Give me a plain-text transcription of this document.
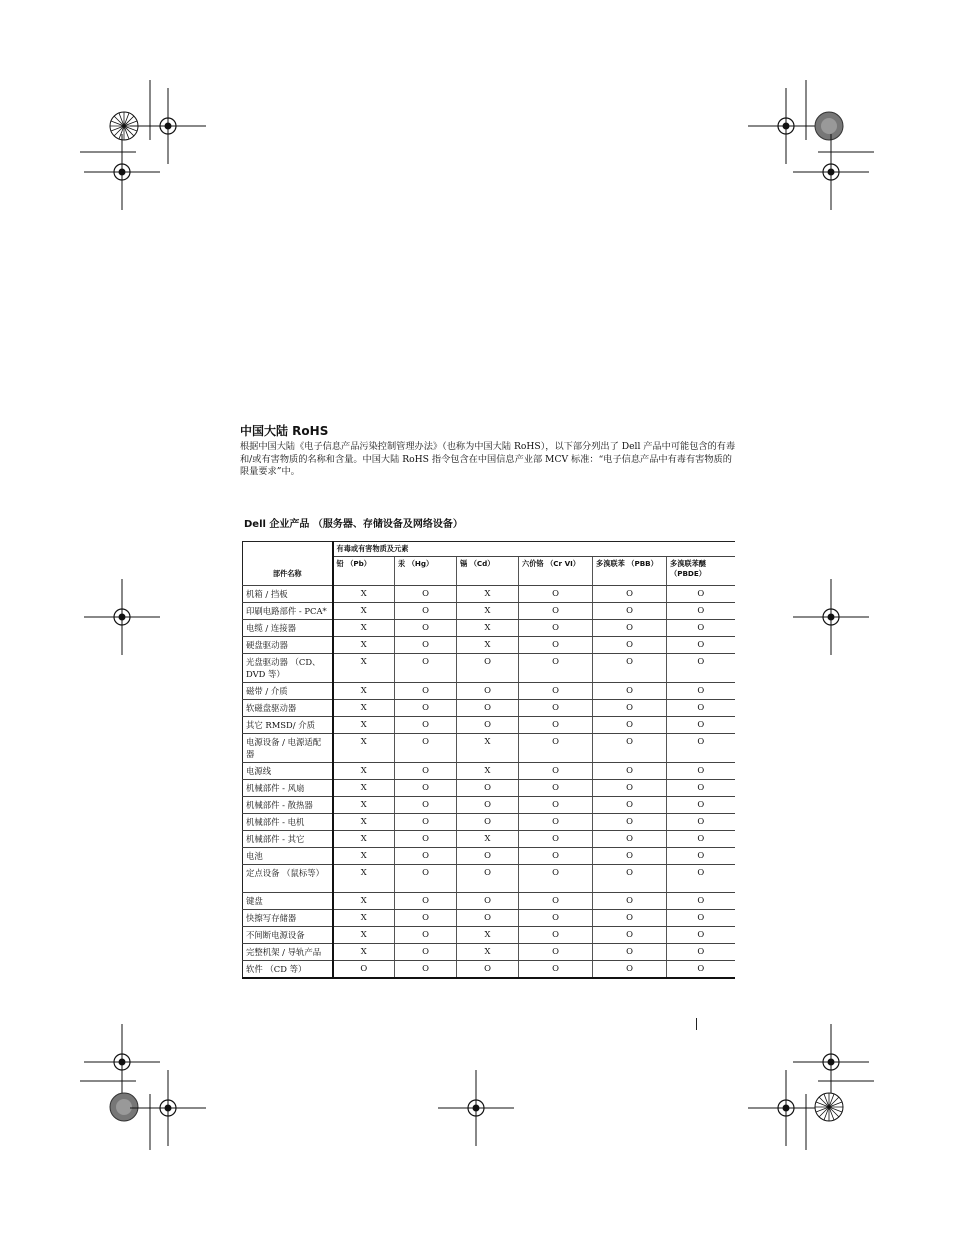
中国大陆 RoHS
根据中国大陆《电子信息产品污染控制管理办法》（也称为中国大陆 RoHS），以下部分列出了 Dell 产品中可能包含的有毒和/或有害物质的名称和含量。中国大陆 RoHS 指令包含在中国信息产业部 MCV 标准：“电子信息产品中有毒有害物质的限量要求”中。
Dell 企业产品 （服务器、存储设备及网络设备）
部件名称	有毒或有害物质及元素					
	铅 （Pb）	汞 （Hg）	镉 （Cd）	六价铬 （Cr VI）	多溴联苯 （PBB）	多溴联苯醚 （PBDE）
机箱 / 挡板	X	O	X	O	O	O
印刷电路部件 - PCA*	X	O	X	O	O	O
电缆 / 连接器	X	O	X	O	O	O
硬盘驱动器	X	O	X	O	O	O
光盘驱动器 （CD、 DVD 等）	X	O	O	O	O	O
磁带 / 介质	X	O	O	O	O	O
软磁盘驱动器	X	O	O	O	O	O
其它 RMSD/ 介质	X	O	O	O	O	O
电源设备 / 电源适配器	X	O	X	O	O	O
电源线	X	O	X	O	O	O
机械部件 - 风扇	X	O	O	O	O	O
机械部件 - 散热器	X	O	O	O	O	O
机械部件 - 电机	X	O	O	O	O	O
机械部件 - 其它	X	O	X	O	O	O
电池	X	O	O	O	O	O
定点设备 （鼠标等）	X	O	O	O	O	O
键盘	X	O	O	O	O	O
快擦写存储器	X	O	O	O	O	O
不间断电源设备	X	O	X	O	O	O
完整机架 / 导轨产品	X	O	X	O	O	O
软件 （CD 等）	O	O	O	O	O	O
